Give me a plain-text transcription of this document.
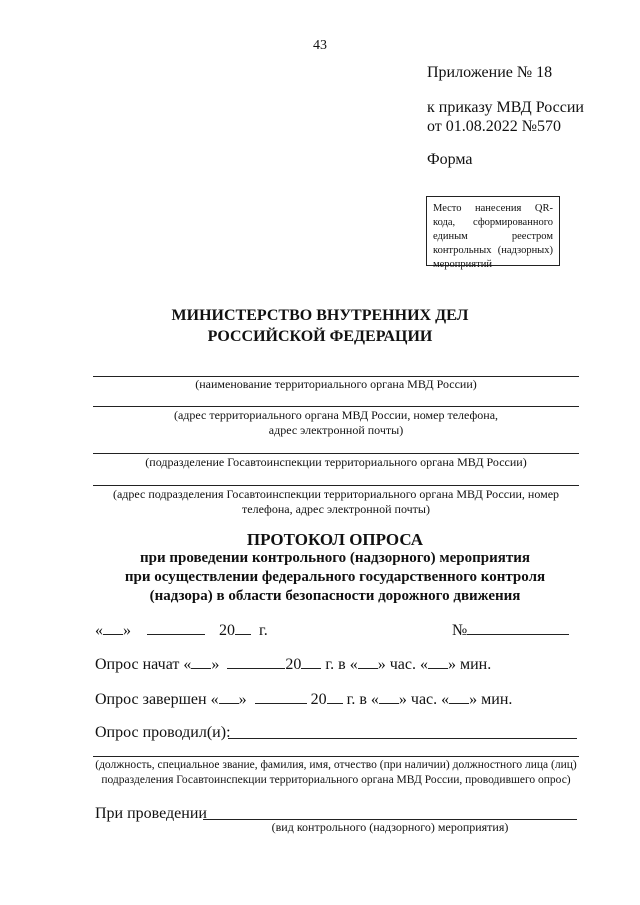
43
Приложение № 18
к приказу МВД России
от 01.08.2022 №570
Форма
Место нанесения QR-кода, сформированного единым реестром контрольных (надзорных) мероприятий
МИНИСТЕРСТВО ВНУТРЕННИХ ДЕЛ
РОССИЙСКОЙ ФЕДЕРАЦИИ
(наименование территориального органа МВД России)
(адрес территориального органа МВД России, номер телефона,
адрес электронной почты)
(подразделение Госавтоинспекции территориального органа МВД России)
(адрес подразделения Госавтоинспекции территориального органа МВД России, номер
телефона, адрес электронной почты)
ПРОТОКОЛ ОПРОСА
при проведении контрольного (надзорного) мероприятия
при осуществлении федерального государственного контроля
(надзора) в области безопасности дорожного движения
« »	20 г.	№
Опрос начат « »	20 г. в « » час. « » мин.
Опрос завершен « »	20 г. в « » час. « » мин.
Опрос проводил(и):
(должность, специальное звание, фамилия, имя, отчество (при наличии) должностного лица (лиц)
подразделения Госавтоинспекции территориального органа МВД России, проводившего опрос)
При проведении
(вид контрольного (надзорного) мероприятия)
